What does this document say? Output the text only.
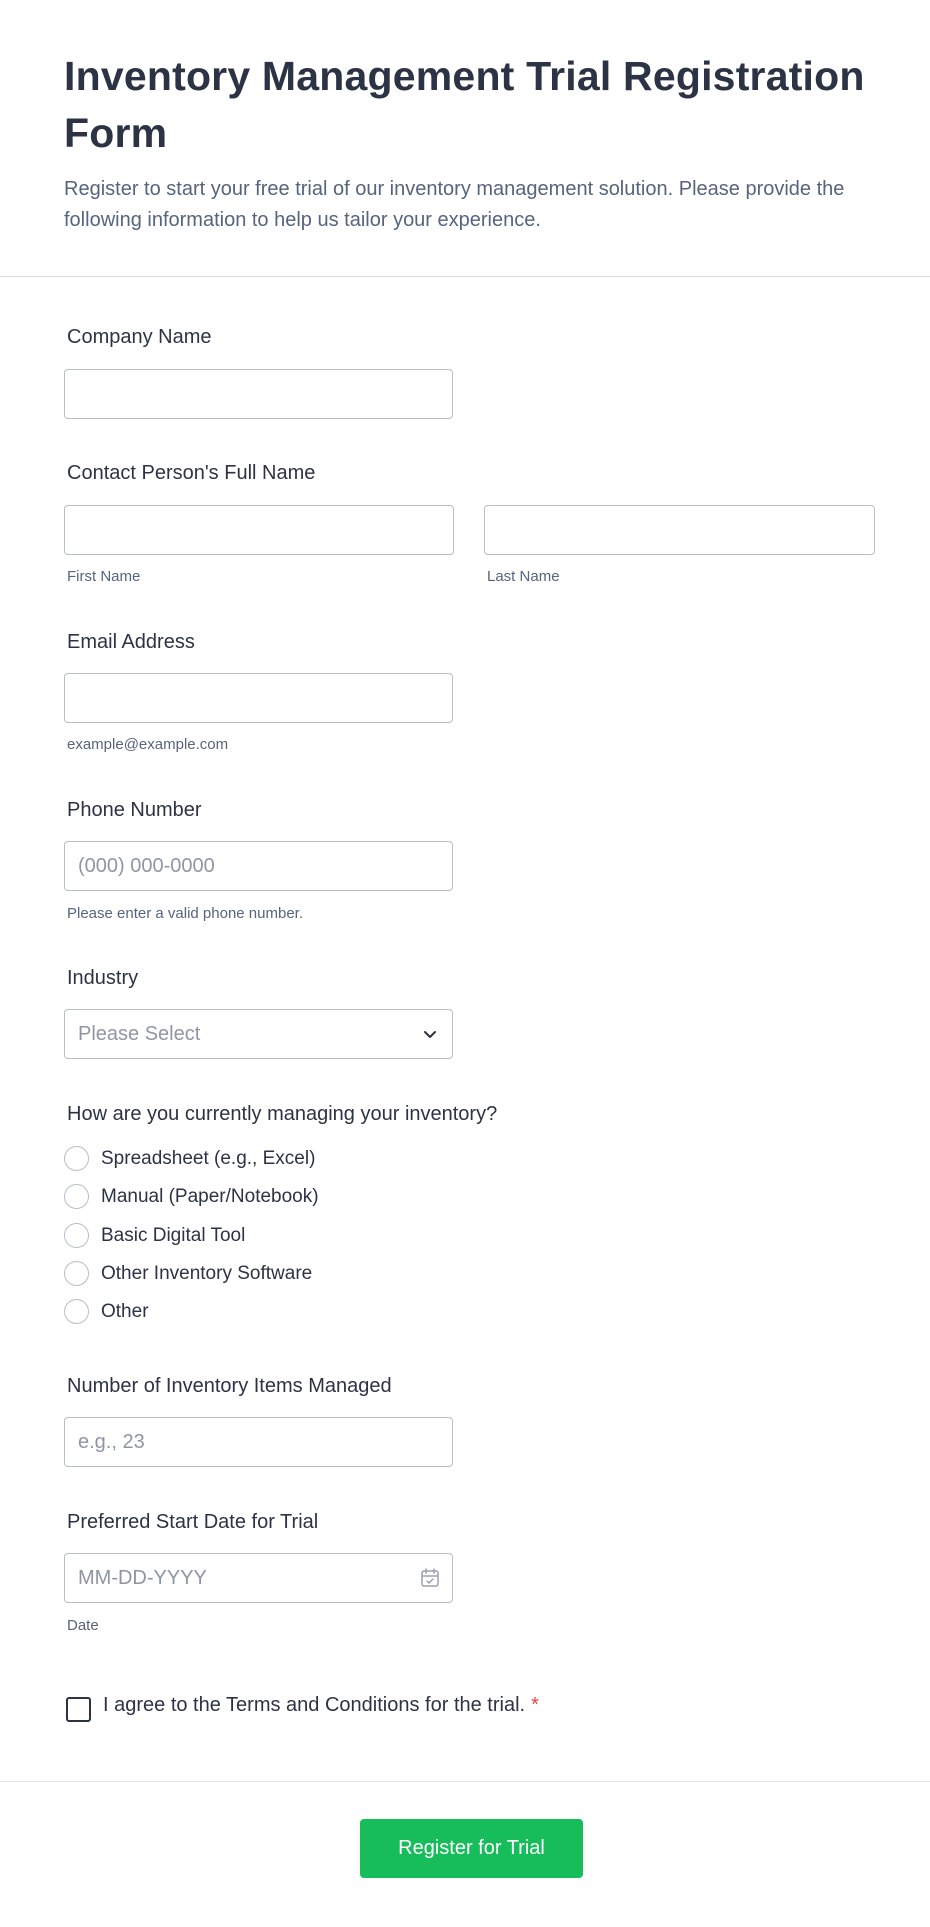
Inventory Management Trial Registration Form

Register to start your free trial of our inventory management solution. Please provide the following information to help us tailor your experience.

Company Name
Contact Person's Full Name
First Name	Last Name
Email Address
example@example.com
Phone Number
(000) 000-0000
Please enter a valid phone number.
Industry
Please Select
How are you currently managing your inventory?
Spreadsheet (e.g., Excel)
Manual (Paper/Notebook)
Basic Digital Tool
Other Inventory Software
Other
Number of Inventory Items Managed
e.g., 23
Preferred Start Date for Trial
MM-DD-YYYY
Date
I agree to the Terms and Conditions for the trial. *
Register for Trial
